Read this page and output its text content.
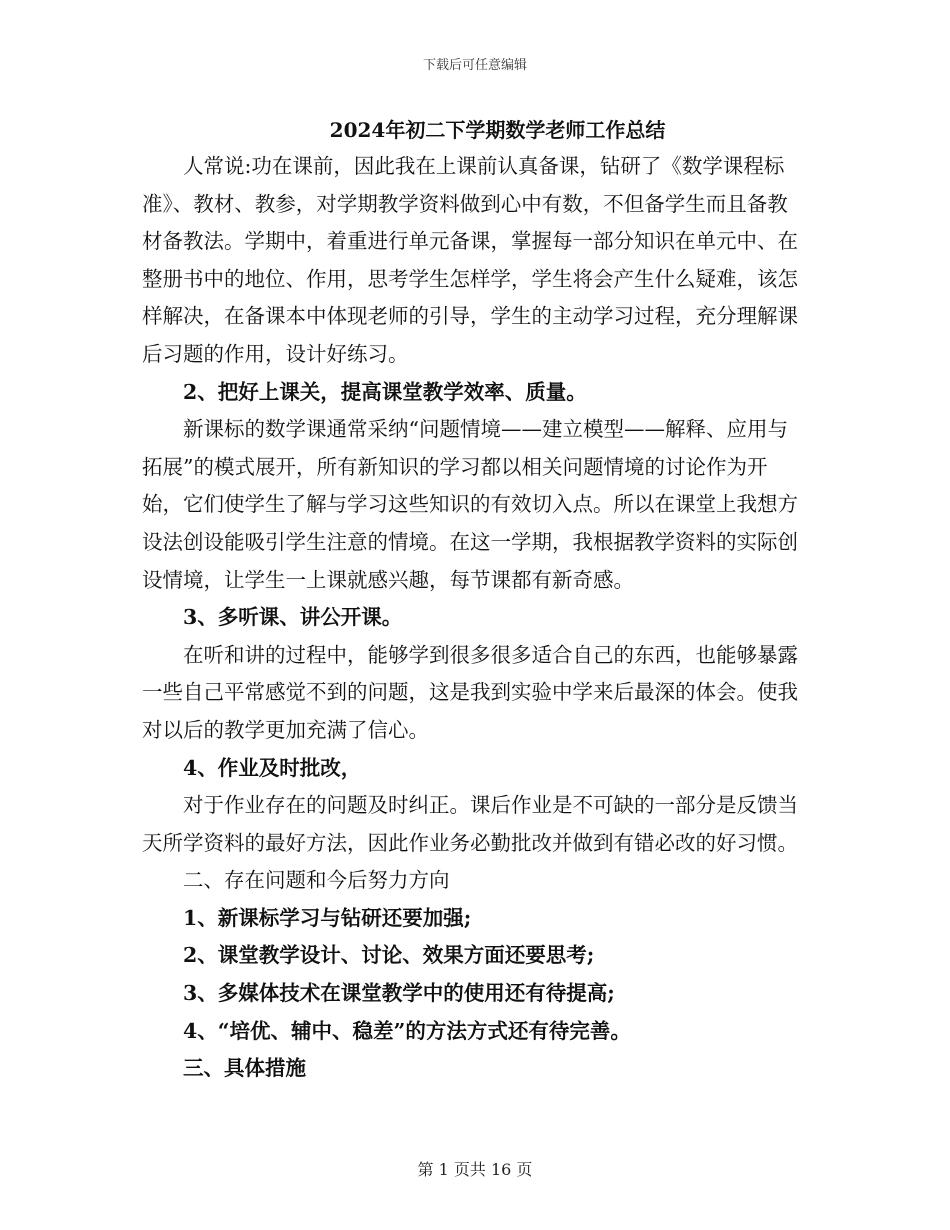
下载后可任意编辑
2024年初二下学期数学老师工作总结

人常说:功在课前，因此我在上课前认真备课，钻研了《数学课程标准》、教材、教参，对学期教学资料做到心中有数，不但备学生而且备教材备教法。学期中，着重进行单元备课，掌握每一部分知识在单元中、在整册书中的地位、作用，思考学生怎样学，学生将会产生什么疑难，该怎样解决，在备课本中体现老师的引导，学生的主动学习过程，充分理解课后习题的作用，设计好练习。

2、把好上课关，提高课堂教学效率、质量。

新课标的数学课通常采纳“问题情境——建立模型——解释、应用与拓展”的模式展开，所有新知识的学习都以相关问题情境的讨论作为开始，它们使学生了解与学习这些知识的有效切入点。所以在课堂上我想方设法创设能吸引学生注意的情境。在这一学期，我根据教学资料的实际创设情境，让学生一上课就感兴趣，每节课都有新奇感。

3、多听课、讲公开课。

在听和讲的过程中，能够学到很多很多适合自己的东西，也能够暴露一些自己平常感觉不到的问题，这是我到实验中学来后最深的体会。使我对以后的教学更加充满了信心。

4、作业及时批改，

对于作业存在的问题及时纠正。课后作业是不可缺的一部分是反馈当天所学资料的最好方法，因此作业务必勤批改并做到有错必改的好习惯。

二、存在问题和今后努力方向

1、新课标学习与钻研还要加强;

2、课堂教学设计、讨论、效果方面还要思考;

3、多媒体技术在课堂教学中的使用还有待提高;

4、“培优、辅中、稳差”的方法方式还有待完善。

三、具体措施

第 1 页共 16 页
